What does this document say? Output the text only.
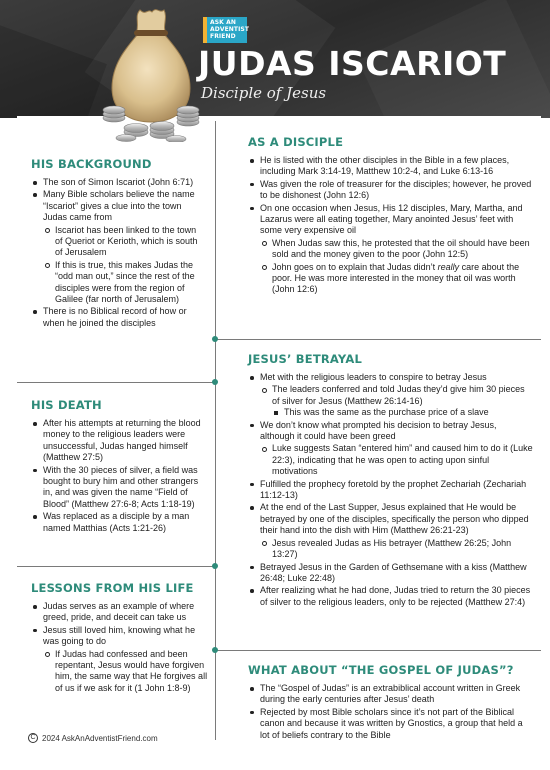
ASK AN
ADVENTIST
FRIEND
JUDAS ISCARIOT
Disciple of Jesus
HIS BACKGROUND
The son of Simon Iscariot (John 6:71)
Many Bible scholars believe the name “Iscariot” gives a clue into the town Judas came from
Iscariot has been linked to the town of Queriot or Kerioth, which is south of Jerusalem
If this is true, this makes Judas the “odd man out,” since the rest of the disciples were from the region of Galilee (far north of Jerusalem)
There is no Biblical record of how or when he joined the disciples
HIS DEATH
After his attempts at returning the blood money to the religious leaders were unsuccessful, Judas hanged himself (Matthew 27:5)
With the 30 pieces of silver, a field was bought to bury him and other strangers in, and was given the name “Field of Blood” (Matthew 27:6-8; Acts 1:18-19)
Was replaced as a disciple by a man named Matthias (Acts 1:21-26)
LESSONS FROM HIS LIFE
Judas serves as an example of where greed, pride, and deceit can take us
Jesus still loved him, knowing what he was going to do
If Judas had confessed and been repentant, Jesus would have forgiven him, the same way that He forgives all of us if we ask for it (1 John 1:8-9)
AS A DISCIPLE
He is listed with the other disciples in the Bible in a few places, including Mark 3:14-19, Matthew 10:2-4, and Luke 6:13-16
Was given the role of treasurer for the disciples; however, he proved to be dishonest (John 12:6)
On one occasion when Jesus, His 12 disciples, Mary, Martha, and Lazarus were all eating together, Mary anointed Jesus’ feet with some very expensive oil
When Judas saw this, he protested that the oil should have been sold and the money given to the poor (John 12:5)
John goes on to explain that Judas didn’t really care about the poor. He was more interested in the money that oil was worth (John 12:6)
JESUS’ BETRAYAL
Met with the religious leaders to conspire to betray Jesus
The leaders conferred and told Judas they’d give him 30 pieces of silver for Jesus (Matthew 26:14-16)
This was the same as the purchase price of a slave
We don’t know what prompted his decision to betray Jesus, although it could have been greed
Luke suggests Satan “entered him” and caused him to do it (Luke 22:3), indicating that he was open to acting upon sinful motivations
Fulfilled the prophecy foretold by the prophet Zechariah (Zechariah 11:12-13)
At the end of the Last Supper, Jesus explained that He would be betrayed by one of the disciples, specifically the person who dipped their hand into the dish with Him (Matthew 26:21-23)
Jesus revealed Judas as His betrayer (Matthew 26:25; John 13:27)
Betrayed Jesus in the Garden of Gethsemane with a kiss (Matthew 26:48; Luke 22:48)
After realizing what he had done, Judas tried to return the 30 pieces of silver to the religious leaders, only to be rejected (Matthew 27:4)
WHAT ABOUT “THE GOSPEL OF JUDAS”?
The “Gospel of Judas” is an extrabiblical account written in Greek during the early centuries after Jesus’ death
Rejected by most Bible scholars since it’s not part of the Biblical canon and because it was written by Gnostics, a group that held a lot of beliefs contrary to the Bible
C 2024 AskAnAdventistFriend.com
